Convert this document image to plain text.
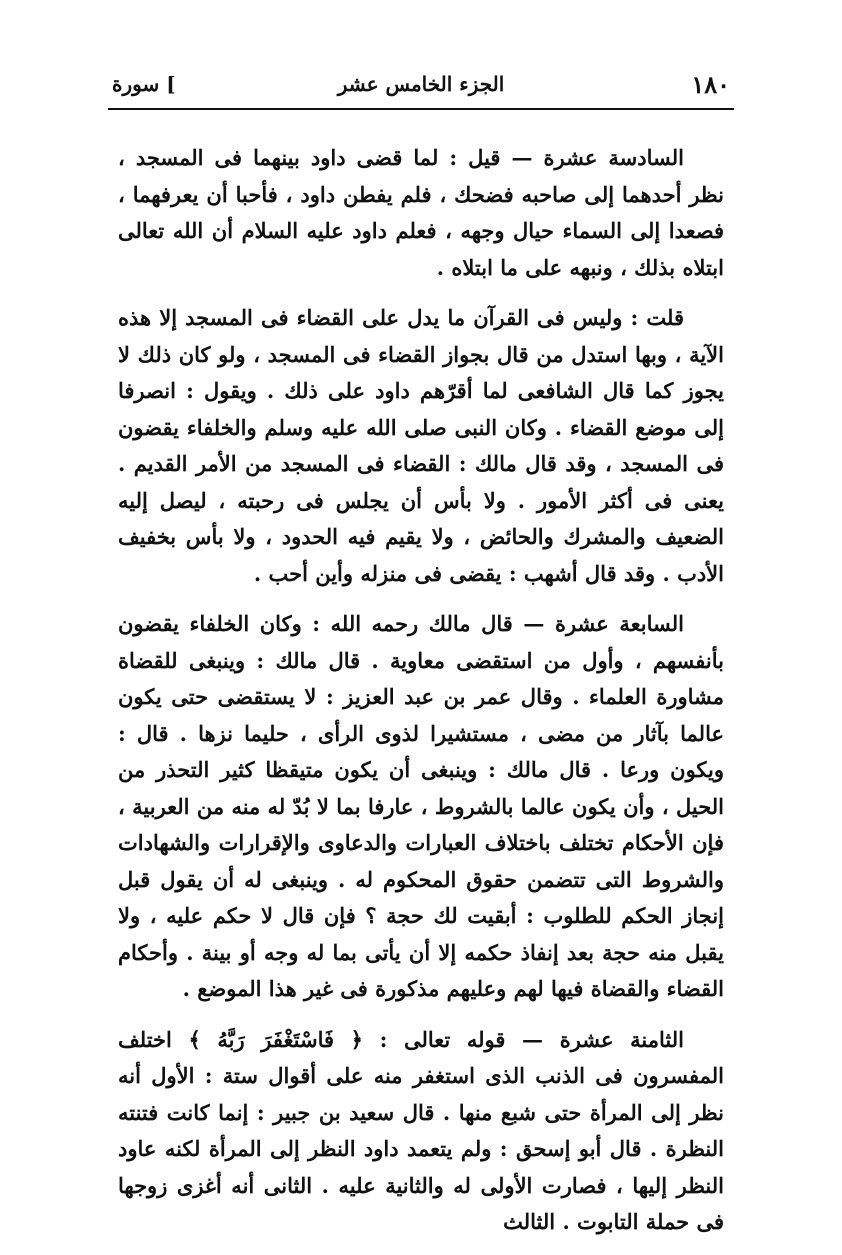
١٨٠
الجزء الخامس عشر
سورة [

السادسة عشرة — قيل : لما قضى داود بينهما فى المسجد ، نظر أحدهما إلى صاحبه فضحك ، فلم يفطن داود ، فأحبا أن يعرفهما ، فصعدا إلى السماء حيال وجهه ، فعلم داود عليه السلام أن الله تعالى ابتلاه بذلك ، ونبهه على ما ابتلاه .

قلت : وليس فى القرآن ما يدل على القضاء فى المسجد إلا هذه الآية ، وبها استدل من قال بجواز القضاء فى المسجد ، ولو كان ذلك لا يجوز كما قال الشافعى لما أقرّهم داود على ذلك . ويقول : انصرفا إلى موضع القضاء . وكان النبى صلى الله عليه وسلم والخلفاء يقضون فى المسجد ، وقد قال مالك : القضاء فى المسجد من الأمر القديم . يعنى فى أكثر الأمور . ولا بأس أن يجلس فى رحبته ، ليصل إليه الضعيف والمشرك والحائض ، ولا يقيم فيه الحدود ، ولا بأس بخفيف الأدب . وقد قال أشهب : يقضى فى منزله وأين أحب .

السابعة عشرة — قال مالك رحمه الله : وكان الخلفاء يقضون بأنفسهم ، وأول من استقضى معاوية . قال مالك : وينبغى للقضاة مشاورة العلماء . وقال عمر بن عبد العزيز : لا يستقضى حتى يكون عالما بآثار من مضى ، مستشيرا لذوى الرأى ، حليما نزها . قال : ويكون ورعا . قال مالك : وينبغى أن يكون متيقظا كثير التحذر من الحيل ، وأن يكون عالما بالشروط ، عارفا بما لا بُدّ له منه من العربية ، فإن الأحكام تختلف باختلاف العبارات والدعاوى والإقرارات والشهادات والشروط التى تتضمن حقوق المحكوم له . وينبغى له أن يقول قبل إنجاز الحكم للطلوب : أبقيت لك حجة ؟ فإن قال لا حكم عليه ، ولا يقبل منه حجة بعد إنفاذ حكمه إلا أن يأتى بما له وجه أو بينة . وأحكام القضاء والقضاة فيها لهم وعليهم مذكورة فى غير هذا الموضع .

الثامنة عشرة — قوله تعالى : ﴿ فَاسْتَغْفَرَ رَبَّهُ ﴾ اختلف المفسرون فى الذنب الذى استغفر منه على أقوال ستة : الأول أنه نظر إلى المرأة حتى شبع منها . قال سعيد بن جبير : إنما كانت فتنته النظرة . قال أبو إسحق : ولم يتعمد داود النظر إلى المرأة لكنه عاود النظر إليها ، فصارت الأولى له والثانية عليه . الثانى أنه أغزى زوجها فى حملة التابوت . الثالث
